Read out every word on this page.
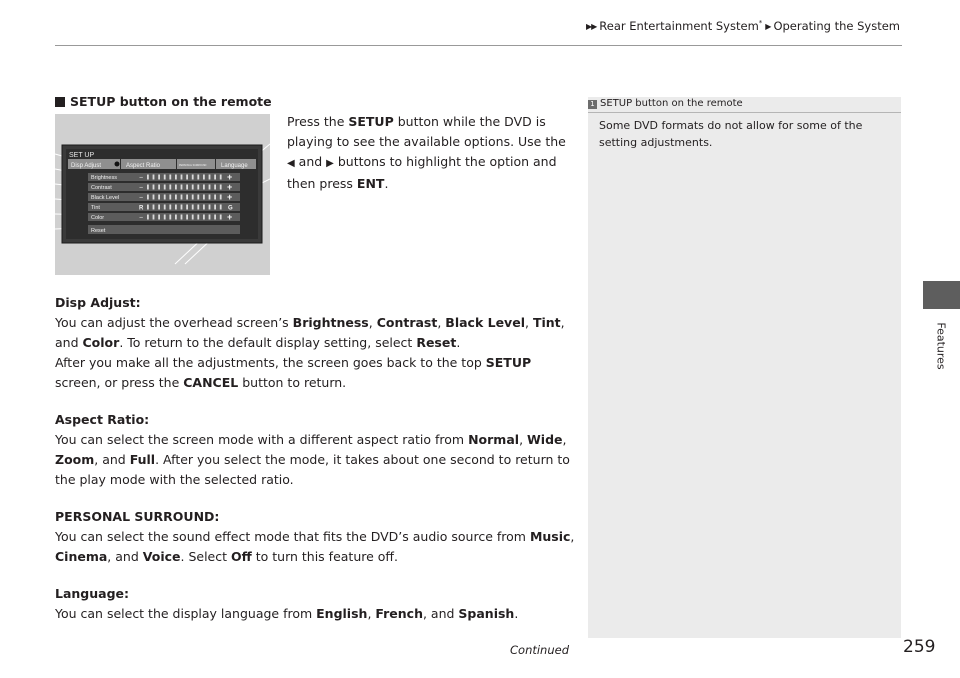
▶▶ Rear Entertainment System* ▶ Operating the System
Features
SETUP button on the remote
SET UP
Disp Adjust	Aspect Ratio	PERSONAL SURROUND Language
Brightness	−	+
Contrast	−	+
Black Level	−	+
Tint	R	G
Color	−	+
Reset
Press the SETUP button while the DVD is playing to see the available options. Use the ◀ and ▶ buttons to highlight the option and then press ENT.

Disp Adjust:

You can adjust the overhead screen’s Brightness, Contrast, Black Level, Tint, and Color. To return to the default display setting, select Reset.

After you make all the adjustments, the screen goes back to the top SETUP screen, or press the CANCEL button to return.

Aspect Ratio:

You can select the screen mode with a different aspect ratio from Normal, Wide, Zoom, and Full. After you select the mode, it takes about one second to return to the play mode with the selected ratio.

PERSONAL SURROUND:

You can select the sound effect mode that fits the DVD’s audio source from Music, Cinema, and Voice. Select Off to turn this feature off.

Language:

You can select the display language from English, French, and Spanish.

1 SETUP button on the remote
Some DVD formats do not allow for some of the setting adjustments.
Continued	259
